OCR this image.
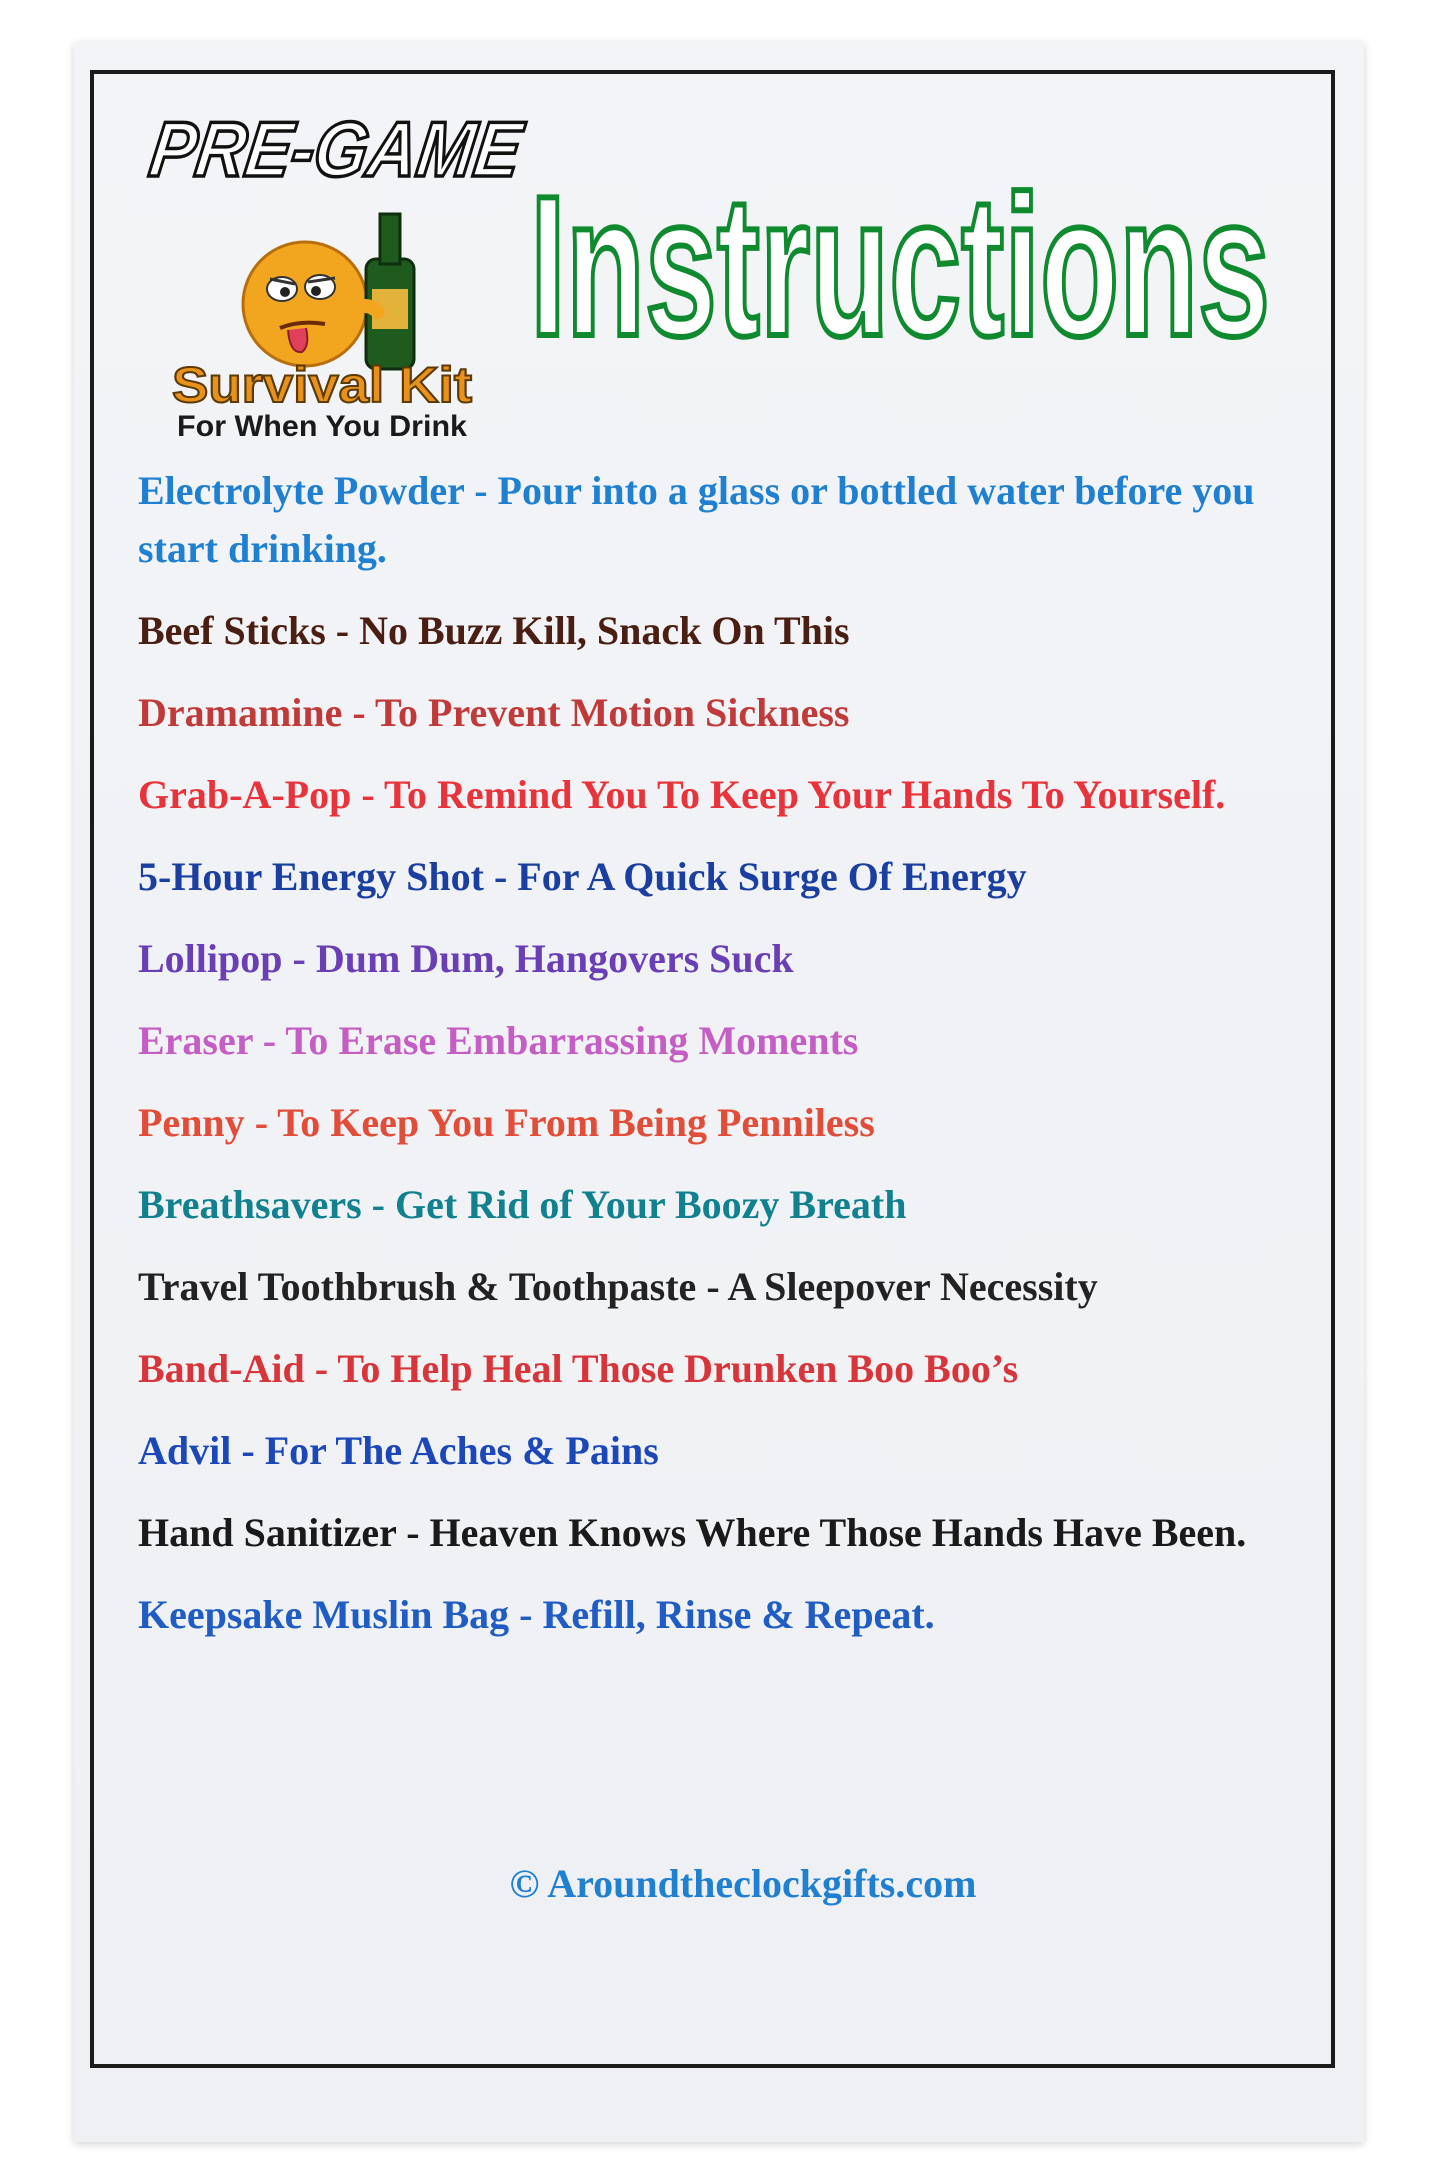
PRE-GAME
Survival Kit
For When You Drink
Instructions
Electrolyte Powder - Pour into a glass or bottled water before you start drinking.
Beef Sticks - No Buzz Kill, Snack On This
Dramamine - To Prevent Motion Sickness
Grab-A-Pop - To Remind You To Keep Your Hands To Yourself.
5-Hour Energy Shot - For A Quick Surge Of Energy
Lollipop - Dum Dum, Hangovers Suck
Eraser - To Erase Embarrassing Moments
Penny - To Keep You From Being Penniless
Breathsavers - Get Rid of Your Boozy Breath
Travel Toothbrush & Toothpaste - A Sleepover Necessity
Band-Aid - To Help Heal Those Drunken Boo Boo’s
Advil - For The Aches & Pains
Hand Sanitizer - Heaven Knows Where Those Hands Have Been.
Keepsake Muslin Bag - Refill, Rinse & Repeat.
© Aroundtheclockgifts.com
